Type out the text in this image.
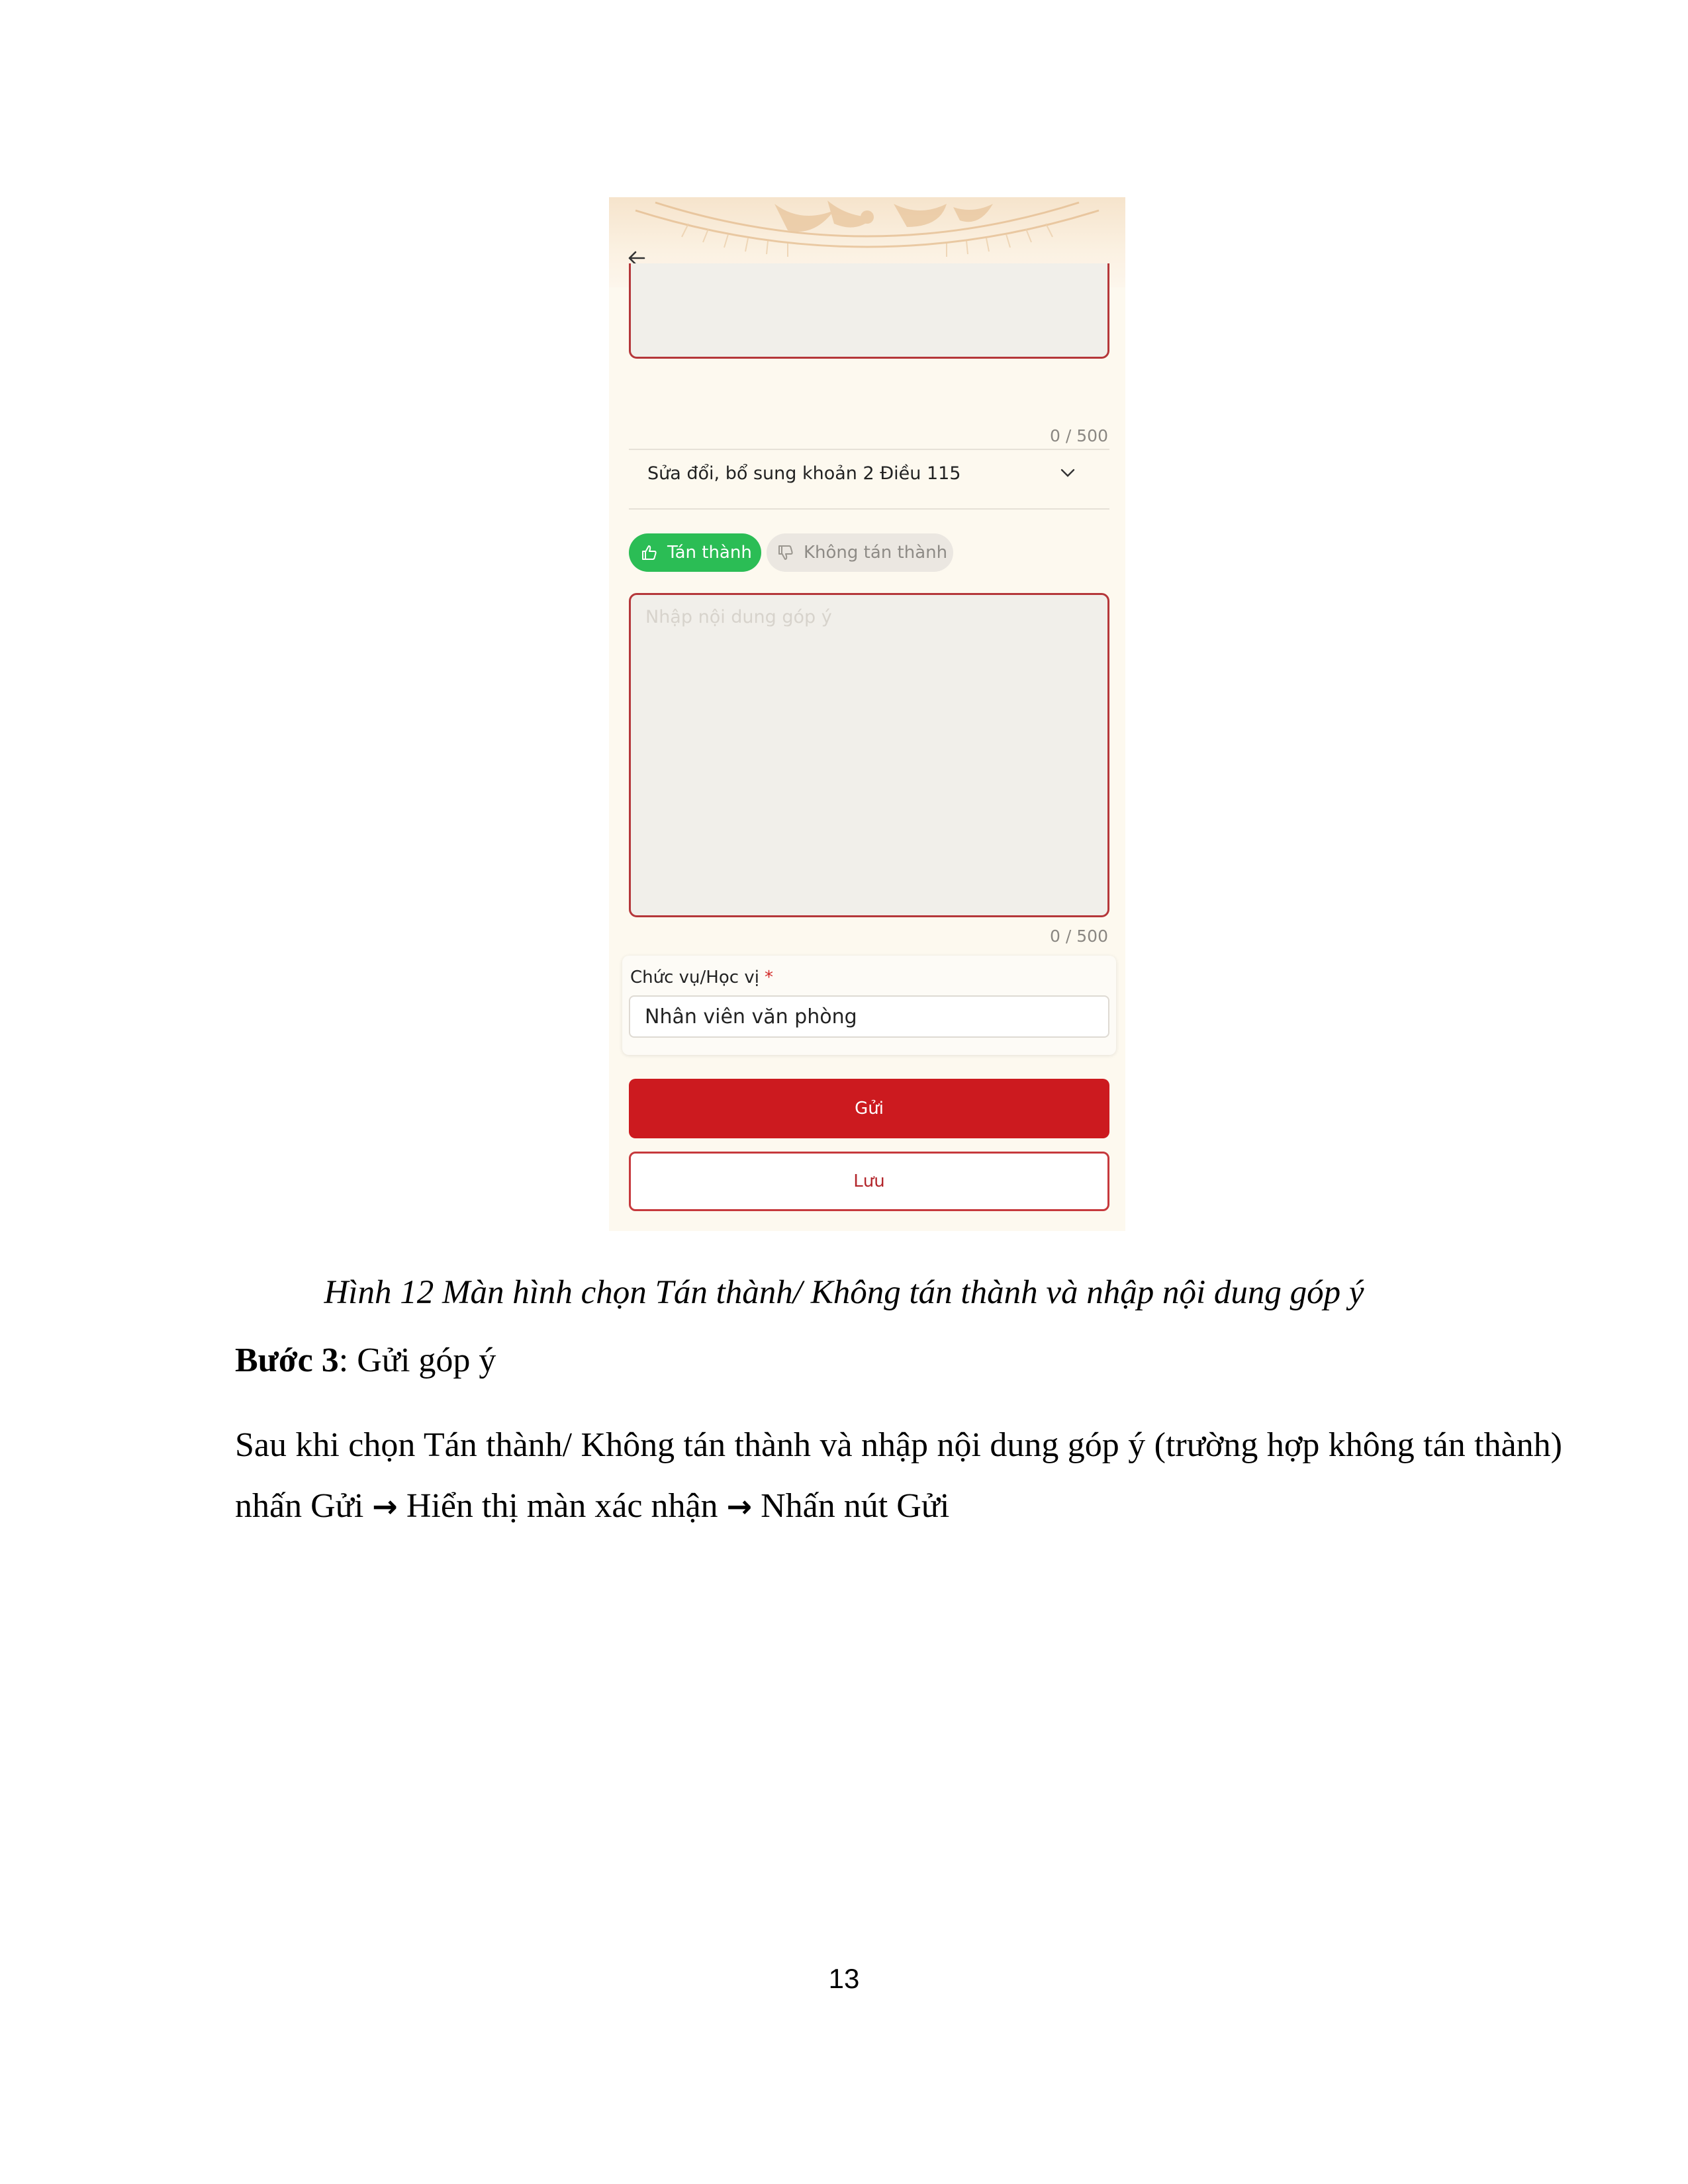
0 / 500
Sửa đổi, bổ sung khoản 2 Điều 115
Tán thành	Không tán thành
Nhập nội dung góp ý
0 / 500
Chức vụ/Học vị *
Nhân viên văn phòng
Gửi
Lưu
Hình 12 Màn hình chọn Tán thành/ Không tán thành và nhập nội dung góp ý
Bước 3: Gửi góp ý
Sau khi chọn Tán thành/ Không tán thành và nhập nội dung góp ý (trường hợp không tán thành) nhấn Gửi → Hiển thị màn xác nhận → Nhấn nút Gửi
13
